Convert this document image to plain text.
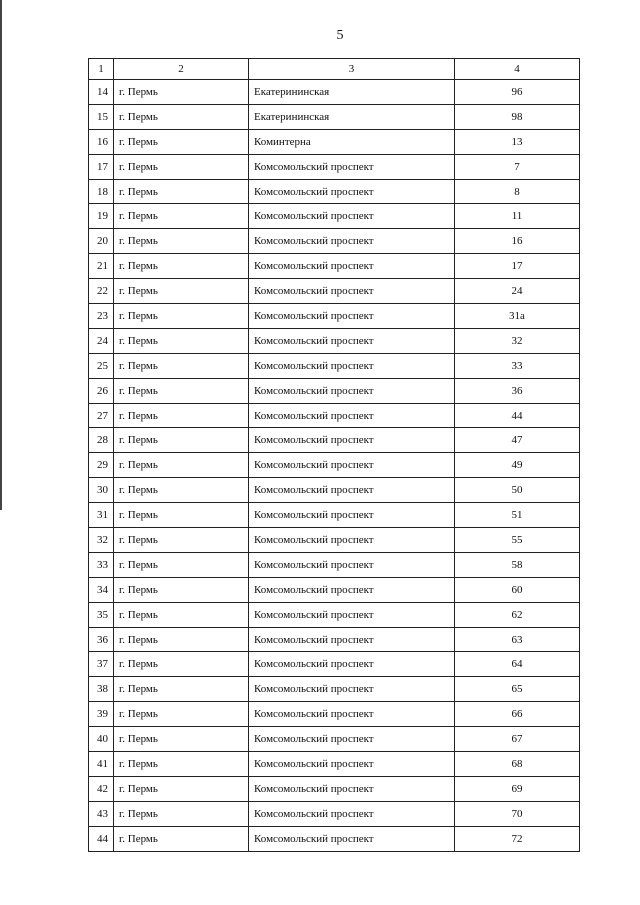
5
1	2	3	4
14	г. Пермь	Екатерининская	96
15	г. Пермь	Екатерининская	98
16	г. Пермь	Коминтерна	13
17	г. Пермь	Комсомольский проспект	7
18	г. Пермь	Комсомольский проспект	8
19	г. Пермь	Комсомольский проспект	11
20	г. Пермь	Комсомольский проспект	16
21	г. Пермь	Комсомольский проспект	17
22	г. Пермь	Комсомольский проспект	24
23	г. Пермь	Комсомольский проспект	31а
24	г. Пермь	Комсомольский проспект	32
25	г. Пермь	Комсомольский проспект	33
26	г. Пермь	Комсомольский проспект	36
27	г. Пермь	Комсомольский проспект	44
28	г. Пермь	Комсомольский проспект	47
29	г. Пермь	Комсомольский проспект	49
30	г. Пермь	Комсомольский проспект	50
31	г. Пермь	Комсомольский проспект	51
32	г. Пермь	Комсомольский проспект	55
33	г. Пермь	Комсомольский проспект	58
34	г. Пермь	Комсомольский проспект	60
35	г. Пермь	Комсомольский проспект	62
36	г. Пермь	Комсомольский проспект	63
37	г. Пермь	Комсомольский проспект	64
38	г. Пермь	Комсомольский проспект	65
39	г. Пермь	Комсомольский проспект	66
40	г. Пермь	Комсомольский проспект	67
41	г. Пермь	Комсомольский проспект	68
42	г. Пермь	Комсомольский проспект	69
43	г. Пермь	Комсомольский проспект	70
44	г. Пермь	Комсомольский проспект	72
